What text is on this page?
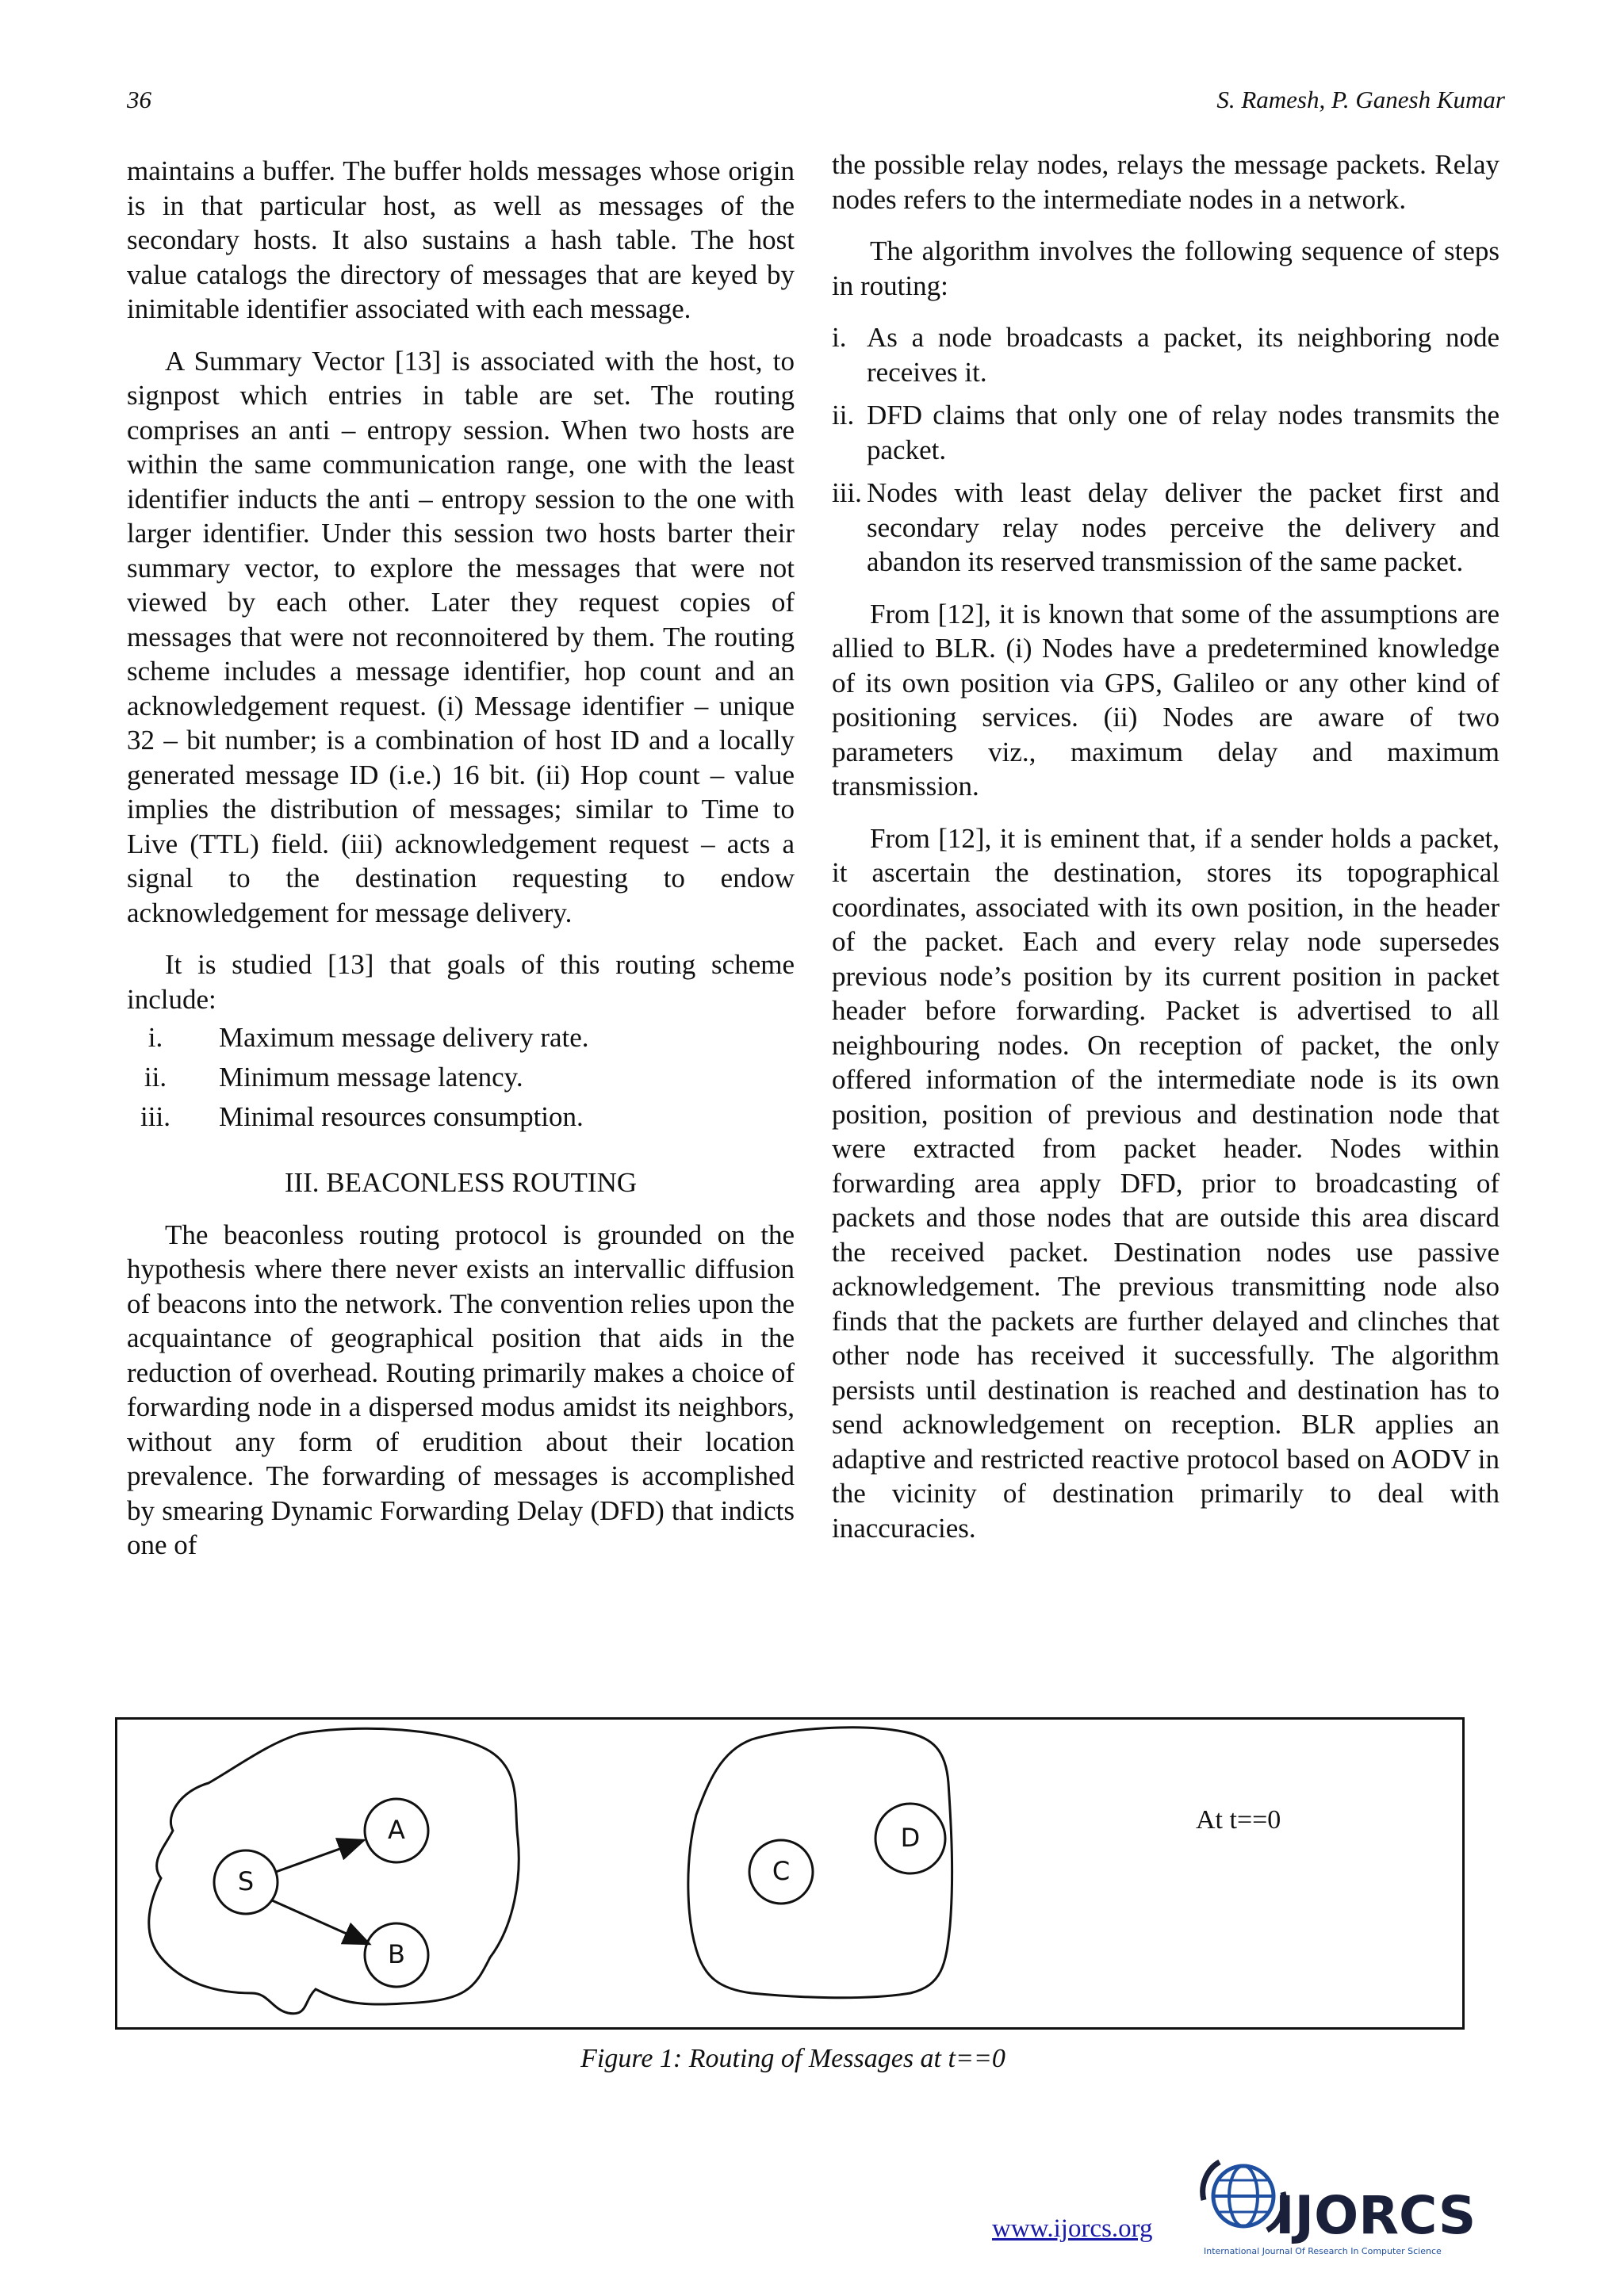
36	S. Ramesh, P. Ganesh Kumar

maintains a buffer. The buffer holds messages whose origin is in that particular host, as well as messages of the secondary hosts. It also sustains a hash table. The host value catalogs the directory of messages that are keyed by inimitable identifier associated with each message.

A Summary Vector [13] is associated with the host, to signpost which entries in table are set. The routing comprises an anti – entropy session. When two hosts are within the same communication range, one with the least identifier inducts the anti – entropy session to the one with larger identifier. Under this session two hosts barter their summary vector, to explore the messages that were not viewed by each other. Later they request copies of messages that were not reconnoitered by them. The routing scheme includes a message identifier, hop count and an acknowledgement request. (i) Message identifier – unique 32 – bit number; is a combination of host ID and a locally generated message ID (i.e.) 16 bit. (ii) Hop count – value implies the distribution of messages; similar to Time to Live (TTL) field. (iii) acknowledgement request – acts a signal to the destination requesting to endow acknowledgement for message delivery.

It is studied [13] that goals of this routing scheme include:

i.	Maximum message delivery rate.
ii.	Minimum message latency.
iii.	Minimal resources consumption.
III. BEACONLESS ROUTING

The beaconless routing protocol is grounded on the hypothesis where there never exists an intervallic diffusion of beacons into the network. The convention relies upon the acquaintance of geographical position that aids in the reduction of overhead. Routing primarily makes a choice of forwarding node in a dispersed modus amidst its neighbors, without any form of erudition about their location prevalence. The forwarding of messages is accomplished by smearing Dynamic Forwarding Delay (DFD) that indicts one of

the possible relay nodes, relays the message packets. Relay nodes refers to the intermediate nodes in a network.

The algorithm involves the following sequence of steps in routing:

i. As a node broadcasts a packet, its neighboring node receives it.
ii. DFD claims that only one of relay nodes transmits the packet.
iii. Nodes with least delay deliver the packet first and secondary relay nodes perceive the delivery and abandon its reserved transmission of the same packet.

From [12], it is known that some of the assumptions are allied to BLR. (i) Nodes have a predetermined knowledge of its own position via GPS, Galileo or any other kind of positioning services. (ii) Nodes are aware of two parameters viz., maximum delay and maximum transmission.

From [12], it is eminent that, if a sender holds a packet, it ascertain the destination, stores its topographical coordinates, associated with its own position, in the header of the packet. Each and every relay node supersedes previous node’s position by its current position in packet header before forwarding. Packet is advertised to all neighbouring nodes. On reception of packet, the only offered information of the intermediate node is its own position, position of previous and destination node that were extracted from packet header. Nodes within forwarding area apply DFD, prior to broadcasting of packets and those nodes that are outside this area discard the received packet. Destination nodes use passive acknowledgement. The previous transmitting node also finds that the packets are further delayed and clinches that other node has received it successfully. The algorithm persists until destination is reached and destination has to send acknowledgement on reception. BLR applies an adaptive and restricted reactive protocol based on AODV in the vicinity of destination primarily to deal with inaccuracies.

S
A
B
C
D
At t==0
Figure 1: Routing of Messages at t==0
www.ijorcs.org IJORCS
International Journal Of Research In Computer Science
